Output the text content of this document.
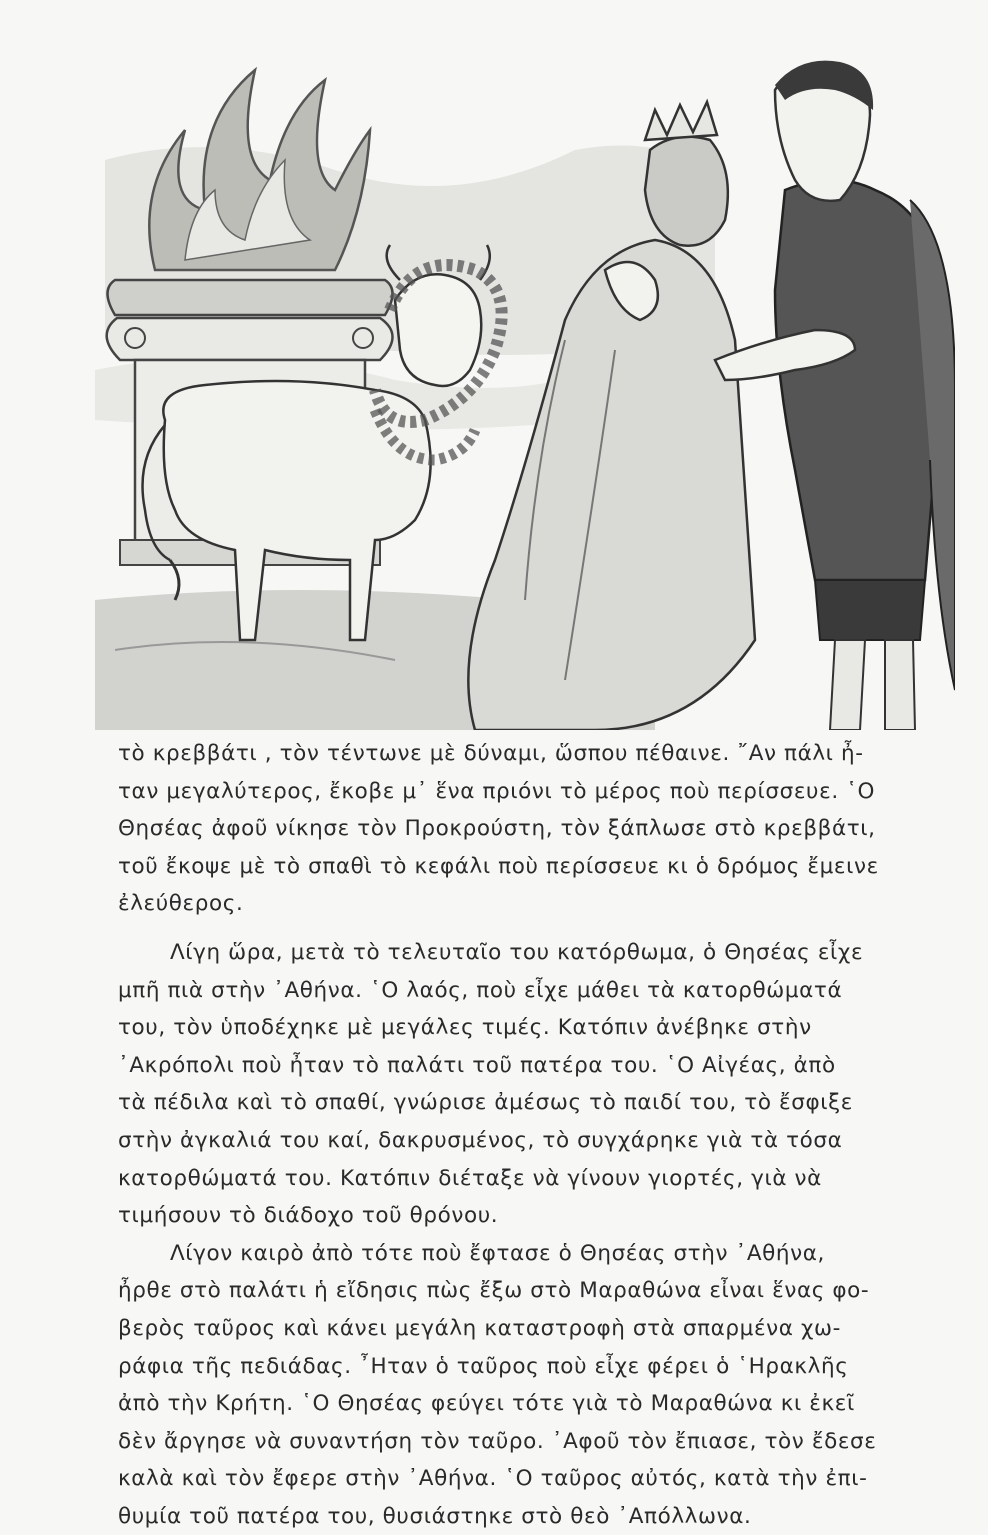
τὸ κρεββάτι , τὸν τέντωνε μὲ δύναμι, ὥσπου πέθαινε. ῎Αν πάλι ἦ-
ταν μεγαλύτερος, ἔκοβε μ᾽ ἕνα πριόνι τὸ μέρος ποὺ περίσσευε. ῾Ο
Θησέας ἀφοῦ νίκησε τὸν Προκρούστη, τὸν ξάπλωσε στὸ κρεββάτι,
τοῦ ἔκοψε μὲ τὸ σπαθὶ τὸ κεφάλι ποὺ περίσσευε κι ὁ δρόμος ἔμεινε
ἐλεύθερος.

Λίγη ὥρα, μετὰ τὸ τελευταῖο του κατόρθωμα, ὁ Θησέας εἶχε
μπῆ πιὰ στὴν ᾽Αθήνα. ῾Ο λαός, ποὺ εἶχε μάθει τὰ κατορθώματά
του, τὸν ὑποδέχηκε μὲ μεγάλες τιμές. Κατόπιν ἀνέβηκε στὴν
᾽Ακρόπολι ποὺ ἦταν τὸ παλάτι τοῦ πατέρα του. ῾Ο Αἰγέας, ἀπὸ
τὰ πέδιλα καὶ τὸ σπαθί, γνώρισε ἀμέσως τὸ παιδί του, τὸ ἔσφιξε
στὴν ἀγκαλιά του καί, δακρυσμένος, τὸ συγχάρηκε γιὰ τὰ τόσα
κατορθώματά του. Κατόπιν διέταξε νὰ γίνουν γιορτές, γιὰ νὰ
τιμήσουν τὸ διάδοχο τοῦ θρόνου.

Λίγον καιρὸ ἀπὸ τότε ποὺ ἔφτασε ὁ Θησέας στὴν ᾽Αθήνα,
ἦρθε στὸ παλάτι ἡ εἴδησις πὼς ἔξω στὸ Μαραθώνα εἶναι ἕνας φο-
βερὸς ταῦρος καὶ κάνει μεγάλη καταστροφὴ στὰ σπαρμένα χω-
ράφια τῆς πεδιάδας. ῏Ηταν ὁ ταῦρος ποὺ εἶχε φέρει ὁ ῾Ηρακλῆς
ἀπὸ τὴν Κρήτη. ῾Ο Θησέας φεύγει τότε γιὰ τὸ Μαραθώνα κι ἐκεῖ
δὲν ἄργησε νὰ συναντήση τὸν ταῦρο. ᾽Αφοῦ τὸν ἔπιασε, τὸν ἔδεσε
καλὰ καὶ τὸν ἔφερε στὴν ᾽Αθήνα. ῾Ο ταῦρος αὐτός, κατὰ τὴν ἐπι-
θυμία τοῦ πατέρα του, θυσιάστηκε στὸ θεὸ ᾽Απόλλωνα.
